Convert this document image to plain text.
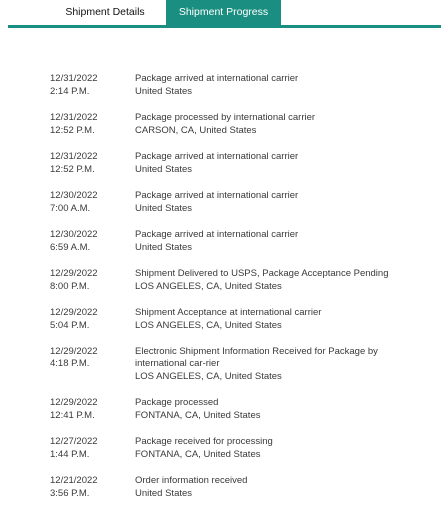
Shipment Details	Shipment Progress
12/31/2022
2:14 P.M.
Package arrived at international carrier
United States
12/31/2022
12:52 P.M.
Package processed by international carrier
CARSON, CA, United States
12/31/2022
12:52 P.M.
Package arrived at international carrier
United States
12/30/2022
7:00 A.M.
Package arrived at international carrier
United States
12/30/2022
6:59 A.M.
Package arrived at international carrier
United States
12/29/2022
8:00 P.M.
Shipment Delivered to USPS, Package Acceptance Pending
LOS ANGELES, CA, United States
12/29/2022
5:04 P.M.
Shipment Acceptance at international carrier
LOS ANGELES, CA, United States
12/29/2022
4:18 P.M.
Electronic Shipment Information Received for Package by international car-rier
LOS ANGELES, CA, United States
12/29/2022
12:41 P.M.
Package processed
FONTANA, CA, United States
12/27/2022
1:44 P.M.
Package received for processing
FONTANA, CA, United States
12/21/2022
3:56 P.M.
Order information received
United States
